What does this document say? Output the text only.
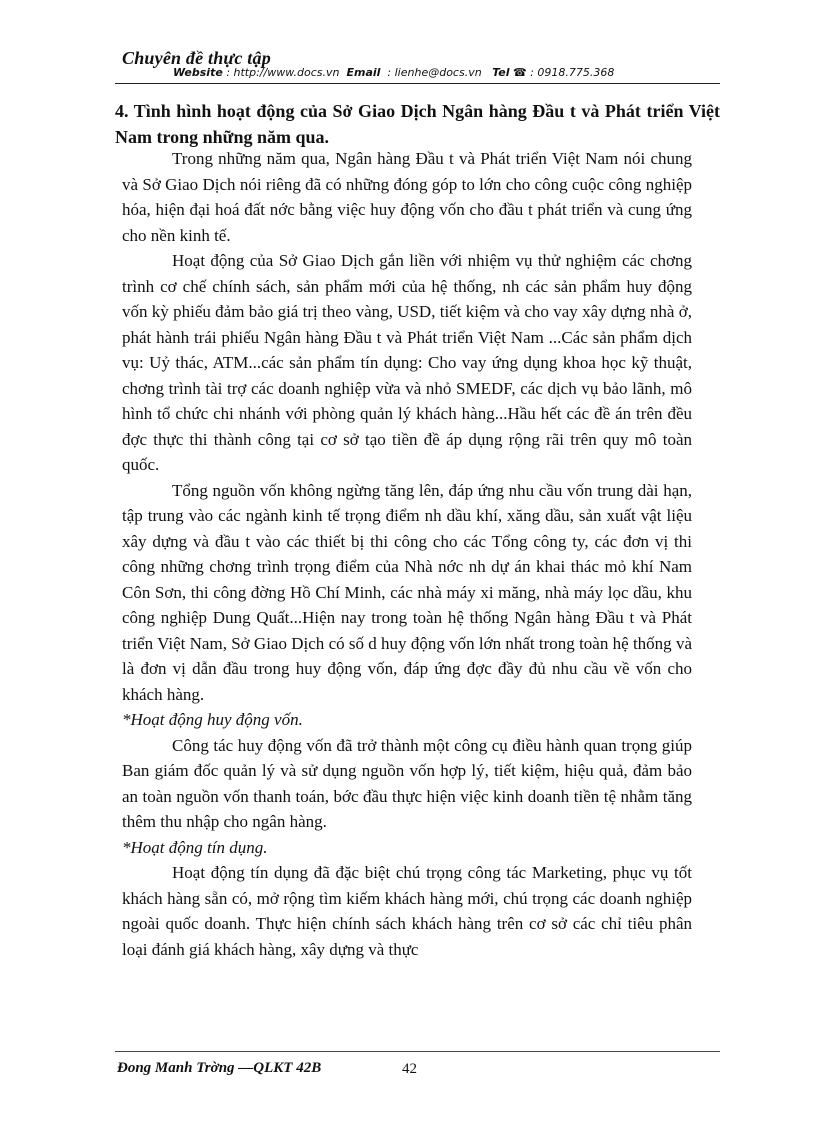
Chuyên đề thực tập
Website : http://www.docs.vn Email : lienhe@docs.vn Tel ☎ : 0918.775.368
4. Tình hình hoạt động của Sở Giao Dịch Ngân hàng Đầu t và Phát triển Việt Nam trong những năm qua.

Trong những năm qua, Ngân hàng Đầu t và Phát triển Việt Nam nói chung và Sở Giao Dịch nói riêng đã có những đóng góp to lớn cho công cuộc công nghiệp hóa, hiện đại hoá đất nớc bằng việc huy động vốn cho đầu t phát triển và cung ứng cho nền kinh tế.

Hoạt động của Sở Giao Dịch gắn liền với nhiệm vụ thử nghiệm các chơng trình cơ chế chính sách, sản phẩm mới của hệ thống, nh các sản phẩm huy động vốn kỳ phiếu đảm bảo giá trị theo vàng, USD, tiết kiệm và cho vay xây dựng nhà ở, phát hành trái phiếu Ngân hàng Đầu t và Phát triển Việt Nam ...Các sản phẩm dịch vụ: Uỷ thác, ATM...các sản phẩm tín dụng: Cho vay ứng dụng khoa học kỹ thuật, chơng trình tài trợ các doanh nghiệp vừa và nhỏ SMEDF, các dịch vụ bảo lãnh, mô hình tổ chức chi nhánh với phòng quản lý khách hàng...Hầu hết các đề án trên đều đợc thực thi thành công tại cơ sở tạo tiền đề áp dụng rộng rãi trên quy mô toàn quốc.

Tổng nguồn vốn không ngừng tăng lên, đáp ứng nhu cầu vốn trung dài hạn, tập trung vào các ngành kinh tế trọng điểm nh dầu khí, xăng dầu, sản xuất vật liệu xây dựng và đầu t vào các thiết bị thi công cho các Tổng công ty, các đơn vị thi công những chơng trình trọng điểm của Nhà nớc nh dự án khai thác mỏ khí Nam Côn Sơn, thi công đờng Hồ Chí Minh, các nhà máy xi măng, nhà máy lọc dầu, khu công nghiệp Dung Quất...Hiện nay trong toàn hệ thống Ngân hàng Đầu t và Phát triển Việt Nam, Sở Giao Dịch có số d huy động vốn lớn nhất trong toàn hệ thống và là đơn vị dẫn đầu trong huy động vốn, đáp ứng đợc đầy đủ nhu cầu về vốn cho khách hàng.

*Hoạt động huy động vốn.

Công tác huy động vốn đã trở thành một công cụ điều hành quan trọng giúp Ban giám đốc quản lý và sử dụng nguồn vốn hợp lý, tiết kiệm, hiệu quả, đảm bảo an toàn nguồn vốn thanh toán, bớc đầu thực hiện việc kinh doanh tiền tệ nhằm tăng thêm thu nhập cho ngân hàng.

*Hoạt động tín dụng.

Hoạt động tín dụng đã đặc biệt chú trọng công tác Marketing, phục vụ tốt khách hàng sẵn có, mở rộng tìm kiếm khách hàng mới, chú trọng các doanh nghiệp ngoài quốc doanh. Thực hiện chính sách khách hàng trên cơ sở các chỉ tiêu phân loại đánh giá khách hàng, xây dựng và thực

Đong Manh Trờng —QLKT 42B	42
